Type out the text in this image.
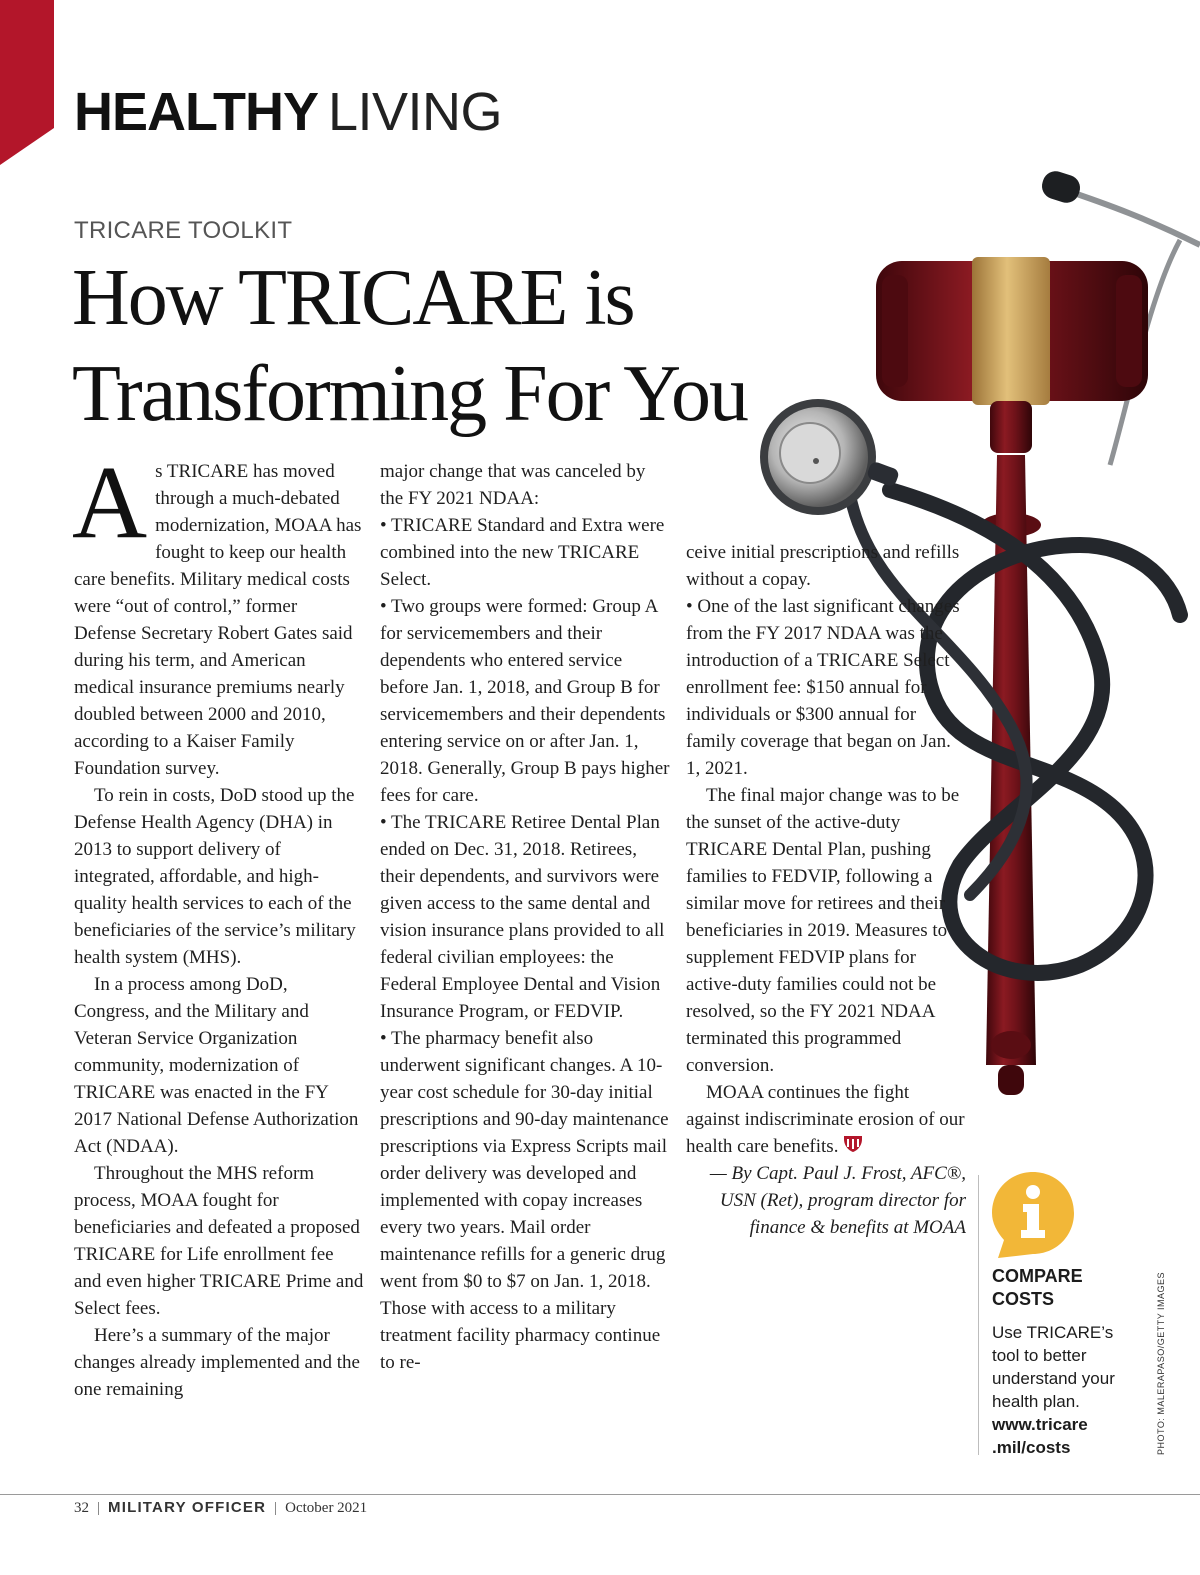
HEALTHY LIVING

TRICARE TOOLKIT

How TRICARE is
Transforming For You

As TRICARE has moved through a much-debated modernization, MOAA has fought to keep our health care benefits. Military medical costs were “out of control,” former Defense Secretary Robert Gates said during his term, and American medical insurance premiums nearly doubled between 2000 and 2010, according to a Kaiser Family Foundation survey.

To rein in costs, DoD stood up the Defense Health Agency (DHA) in 2013 to support delivery of integrated, affordable, and high-quality health services to each of the beneficiaries of the service’s military health system (MHS).

In a process among DoD, Congress, and the Military and Veteran Service Organization community, modernization of TRICARE was enacted in the FY 2017 National Defense Authorization Act (NDAA).

Throughout the MHS reform process, MOAA fought for beneficiaries and defeated a proposed TRICARE for Life enrollment fee and even higher TRICARE Prime and Select fees.

Here’s a summary of the major changes already implemented and the one remaining

major change that was canceled by the FY 2021 NDAA:

• TRICARE Standard and Extra were combined into the new TRICARE Select.

• Two groups were formed: Group A for servicemembers and their dependents who entered service before Jan. 1, 2018, and Group B for servicemembers and their dependents entering service on or after Jan. 1, 2018. Generally, Group B pays higher fees for care.

• The TRICARE Retiree Dental Plan ended on Dec. 31, 2018. Retirees, their dependents, and survivors were given access to the same dental and vision insurance plans provided to all federal civilian employees: the Federal Employee Dental and Vision Insurance Program, or FEDVIP.

• The pharmacy benefit also underwent significant changes. A 10-year cost schedule for 30-day initial prescriptions and 90-day maintenance prescriptions via Express Scripts mail order delivery was developed and implemented with copay increases every two years. Mail order maintenance refills for a generic drug went from $0 to $7 on Jan. 1, 2018. Those with access to a military treatment facility pharmacy continue to re-

ceive initial prescriptions and refills without a copay.

• One of the last significant changes from the FY 2017 NDAA was the introduction of a TRICARE Select enrollment fee: $150 annual for individuals or $300 annual for family coverage that began on Jan. 1, 2021.

The final major change was to be the sunset of the active-duty TRICARE Dental Plan, pushing families to FEDVIP, following a similar move for retirees and their beneficiaries in 2019. Measures to supplement FEDVIP plans for active-duty families could not be resolved, so the FY 2021 NDAA terminated this programmed conversion.

MOAA continues the fight against indiscriminate erosion of our health care benefits.

— By Capt. Paul J. Frost, AFC®,
USN (Ret), program director for
finance & benefits at MOAA

COMPARE
COSTS

Use TRICARE’s tool to better understand your health plan.

www.tricare
.mil/costs	PHOTO: MALERAPASO/GETTY IMAGES
32 | MILITARY OFFICER | October 2021
